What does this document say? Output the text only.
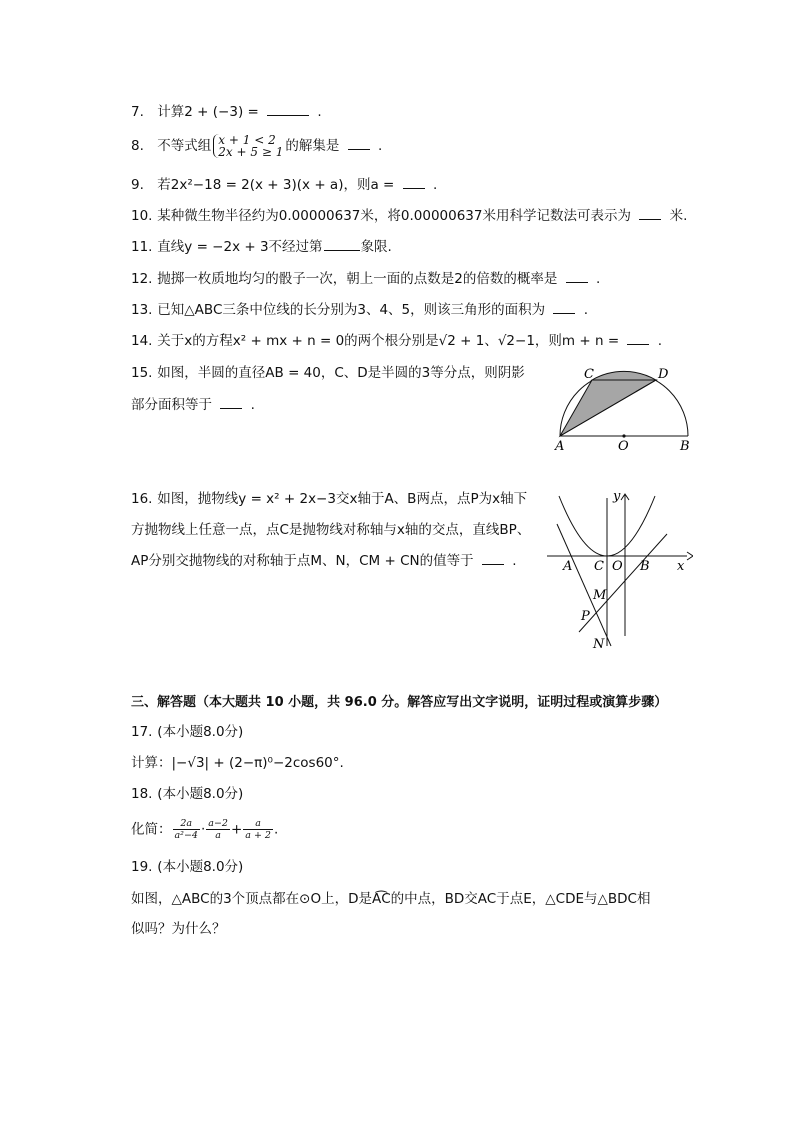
7. 计算2 + (−3) =	.
8. 不等式组 x + 1 < 2
2x + 5 ≥ 1 的解集是	.
9. 若2x²−18 = 2(x + 3)(x + a)，则a =	.
10. 某种微生物半径约为0.00000637米，将0.00000637米用科学记数法可表示为	米.
11. 直线y = −2x + 3不经过第	象限.
12. 抛掷一枚质地均匀的骰子一次，朝上一面的点数是2的倍数的概率是	.
13. 已知△ABC三条中位线的长分别为3、4、5，则该三角形的面积为	.
14. 关于x的方程x² + mx + n = 0的两个根分别是√2 + 1、√2−1，则m + n =	.
15. 如图，半圆的直径AB = 40，C、D是半圆的3等分点，则阴影
部分面积等于	.
C	D
A	O	B
16. 如图，抛物线y = x² + 2x−3交x轴于A、B两点，点P为x轴下
方抛物线上任意一点，点C是抛物线对称轴与x轴的交点，直线BP、
AP分别交抛物线的对称轴于点M、N，CM + CN的值等于	.
y
x
A C O B
M
P
N
三、解答题（本大题共 10 小题，共 96.0 分。解答应写出文字说明，证明过程或演算步骤）
17. (本小题8.0分)
计算：|−√3| + (2−π)⁰−2cos60°.
18. (本小题8.0分)
化简： $\frac{2a}{\text{a²−4}} \cdot \frac{a-2}{a} + \frac{a}{a + 2}$ .
19. (本小题8.0分)
如图，△ABC的3个顶点都在⊙O上，D是A͡C的中点，BD交AC于点E，△CDE与△BDC相
似吗？为什么？
